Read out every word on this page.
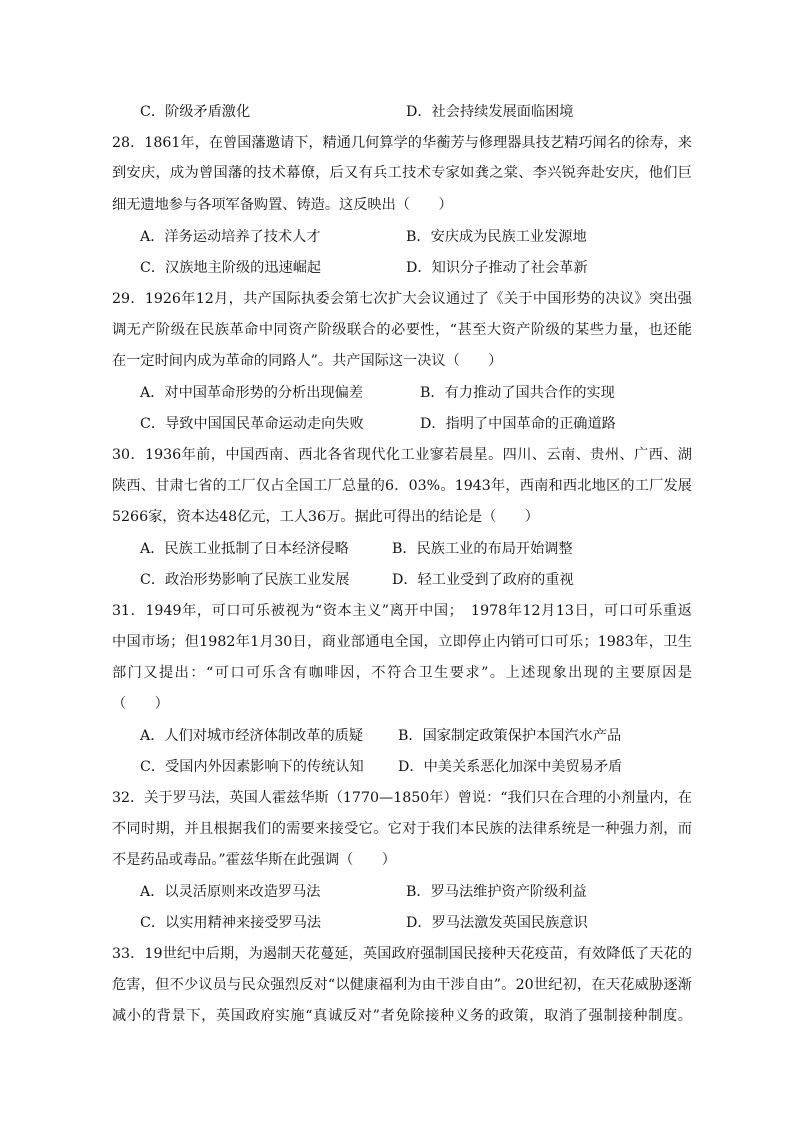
C．阶级矛盾激化	D．社会持续发展面临困境
28．1861年，在曾国藩邀请下，精通几何算学的华蘅芳与修理器具技艺精巧闻名的徐寿，来
到安庆，成为曾国藩的技术幕僚，后又有兵工技术专家如龚之棠、李兴锐奔赴安庆，他们巨
细无遗地参与各项军备购置、铸造。这反映出（　　）
A．洋务运动培养了技术人才	B．安庆成为民族工业发源地
C．汉族地主阶级的迅速崛起	D．知识分子推动了社会革新
29．1926年12月，共产国际执委会第七次扩大会议通过了《关于中国形势的决议》突出强
调无产阶级在民族革命中同资产阶级联合的必要性，“甚至大资产阶级的某些力量，也还能
在一定时间内成为革命的同路人”。共产国际这一决议（　　）
A．对中国革命形势的分析出现偏差	B．有力推动了国共合作的实现
C．导致中国国民革命运动走向失败	D．指明了中国革命的正确道路
30．1936年前，中国西南、西北各省现代化工业寥若晨星。四川、云南、贵州、广西、湖
陕西、甘肃七省的工厂仅占全国工厂总量的6．03%。1943年，西南和西北地区的工厂发展
5266家，资本达48亿元，工人36万。据此可得出的结论是（　　）
A．民族工业抵制了日本经济侵略	B．民族工业的布局开始调整
C．政治形势影响了民族工业发展	D．轻工业受到了政府的重视
31．1949年，可口可乐被视为“资本主义”离开中国；　1978年12月13日，可口可乐重返
中国市场；但1982年1月30日，商业部通电全国，立即停止内销可口可乐；1983年，卫生
部门又提出：“可口可乐含有咖啡因，不符合卫生要求”。上述现象出现的主要原因是
（　　）
A．人们对城市经济体制改革的质疑 B．国家制定政策保护本国汽水产品
C．受国内外因素影响下的传统认知 D．中美关系恶化加深中美贸易矛盾
32．关于罗马法，英国人霍兹华斯（1770—1850年）曾说：“我们只在合理的小剂量内，在
不同时期，并且根据我们的需要来接受它。它对于我们本民族的法律系统是一种强力剂，而
不是药品或毒品。”霍兹华斯在此强调（　　）
A．以灵活原则来改造罗马法	B．罗马法维护资产阶级利益
C．以实用精神来接受罗马法	D．罗马法激发英国民族意识
33．19世纪中后期，为遏制天花蔓延，英国政府强制国民接种天花疫苗，有效降低了天花的
危害，但不少议员与民众强烈反对“以健康福利为由干涉自由”。20世纪初，在天花威胁逐渐
减小的背景下，英国政府实施“真诚反对”者免除接种义务的政策，取消了强制接种制度。
